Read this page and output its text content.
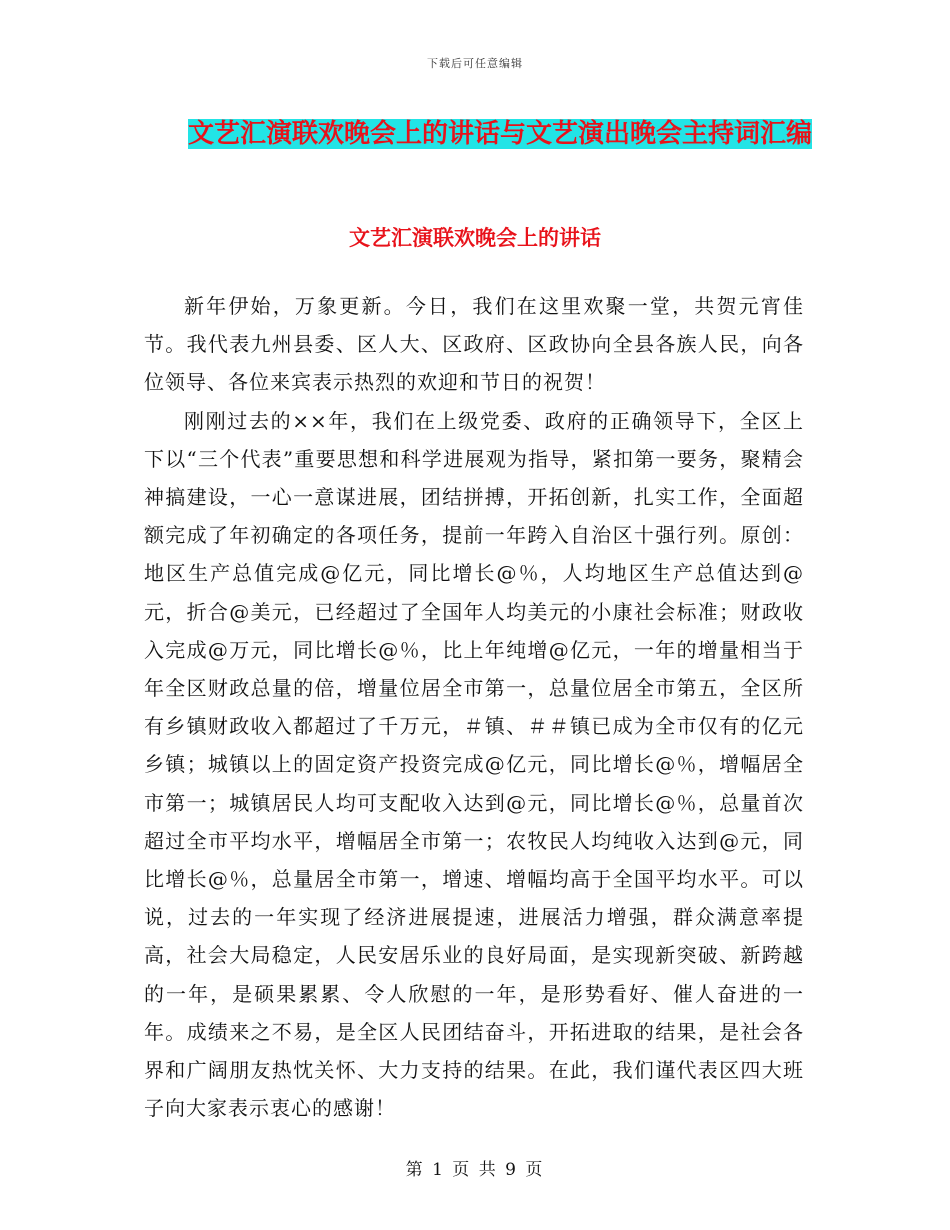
下载后可任意编辑
文艺汇演联欢晚会上的讲话与文艺演出晚会主持词汇编
文艺汇演联欢晚会上的讲话

新年伊始，万象更新。今日，我们在这里欢聚一堂，共贺元宵佳节。我代表九州县委、区人大、区政府、区政协向全县各族人民，向各位领导、各位来宾表示热烈的欢迎和节日的祝贺！

刚刚过去的××年，我们在上级党委、政府的正确领导下，全区上下以“三个代表”重要思想和科学进展观为指导，紧扣第一要务，聚精会神搞建设，一心一意谋进展，团结拼搏，开拓创新，扎实工作，全面超额完成了年初确定的各项任务，提前一年跨入自治区十强行列。原创：地区生产总值完成@亿元，同比增长@％，人均地区生产总值达到@元，折合@美元，已经超过了全国年人均美元的小康社会标准；财政收入完成@万元，同比增长@％，比上年纯增@亿元，一年的增量相当于年全区财政总量的倍，增量位居全市第一，总量位居全市第五，全区所有乡镇财政收入都超过了千万元，＃镇、＃＃镇已成为全市仅有的亿元乡镇；城镇以上的固定资产投资完成@亿元，同比增长@％，增幅居全市第一；城镇居民人均可支配收入达到@元，同比增长@％，总量首次超过全市平均水平，增幅居全市第一；农牧民人均纯收入达到@元，同比增长@％，总量居全市第一，增速、增幅均高于全国平均水平。可以说，过去的一年实现了经济进展提速，进展活力增强，群众满意率提高，社会大局稳定，人民安居乐业的良好局面，是实现新突破、新跨越的一年，是硕果累累、令人欣慰的一年，是形势看好、催人奋进的一年。成绩来之不易，是全区人民团结奋斗，开拓进取的结果，是社会各界和广阔朋友热忱关怀、大力支持的结果。在此，我们谨代表区四大班子向大家表示衷心的感谢！

第 1 页 共 9 页
